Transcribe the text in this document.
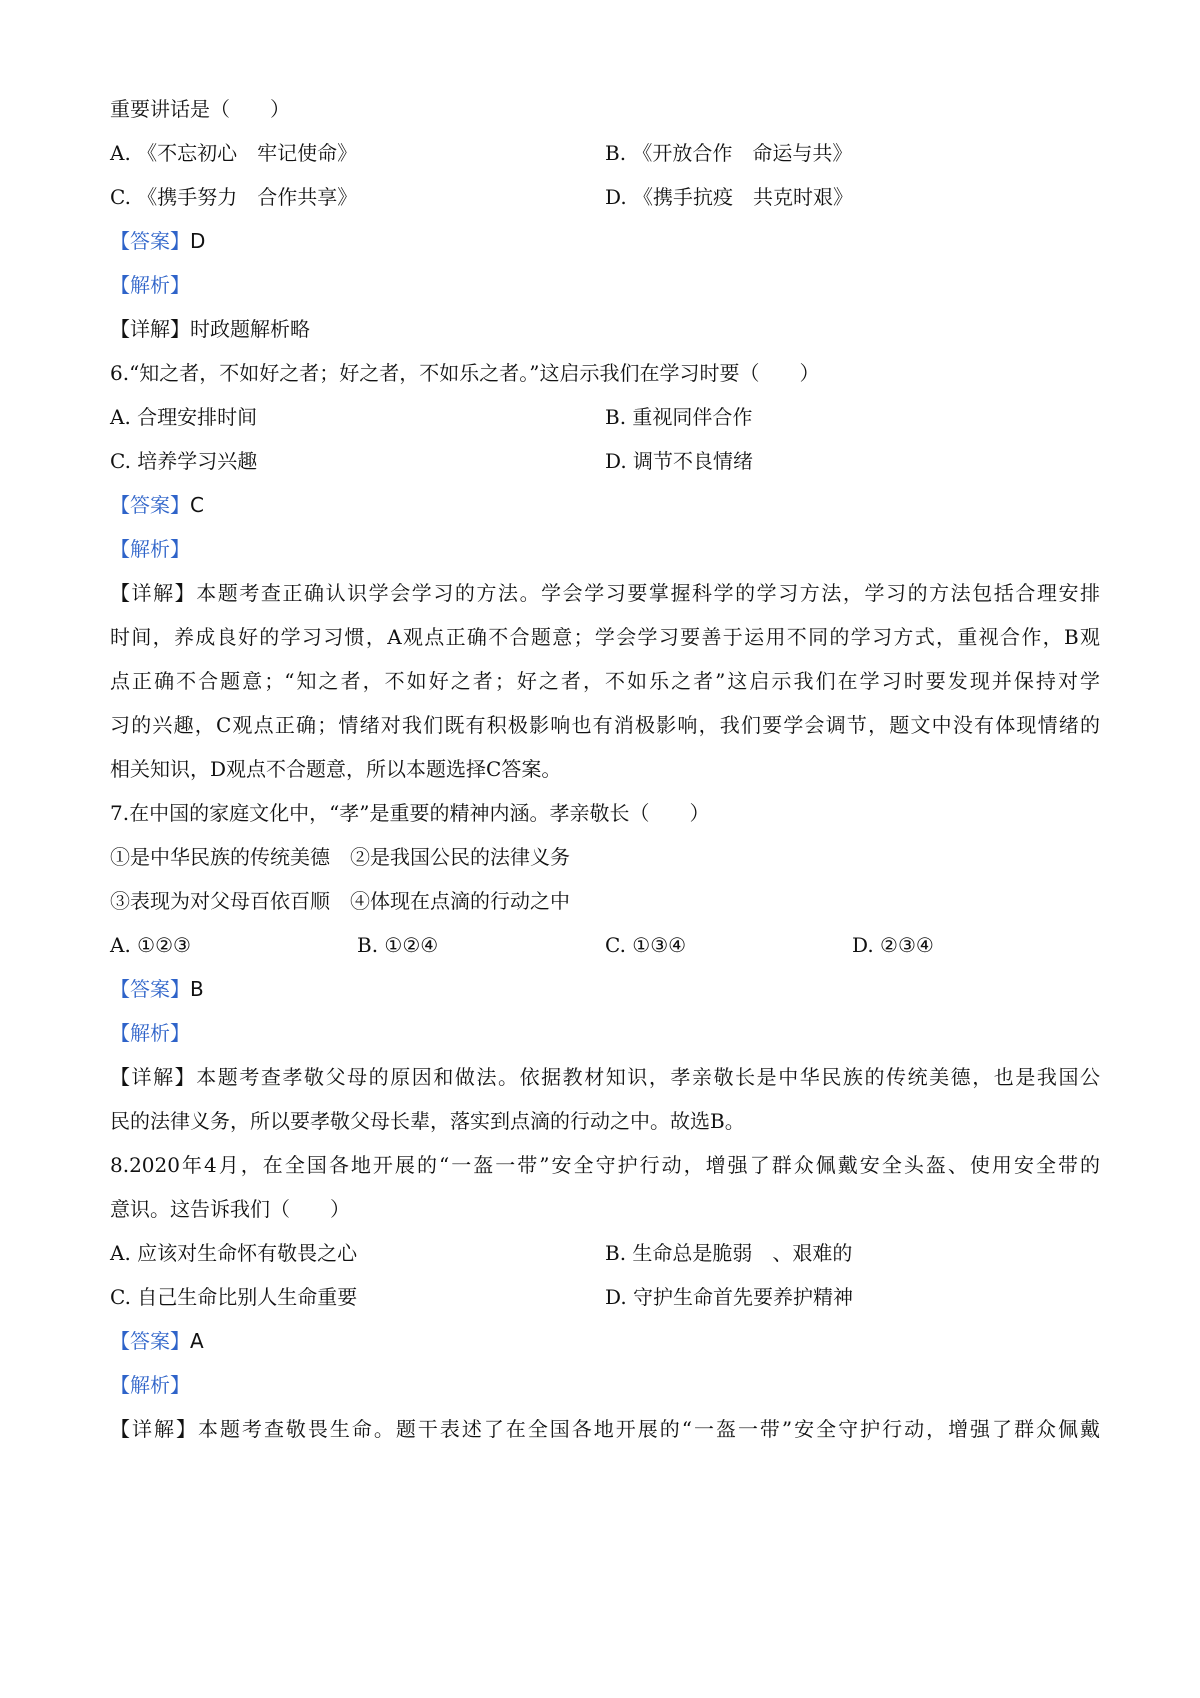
重要讲话是（　　）
A. 《不忘初心　牢记使命》	B. 《开放合作　命运与共》
C. 《携手努力　合作共享》	D. 《携手抗疫　共克时艰》
【答案】D
【解析】
【详解】时政题解析略
6.“知之者，不如好之者；好之者，不如乐之者。”这启示我们在学习时要（　　）
A. 合理安排时间	B. 重视同伴合作
C. 培养学习兴趣	D. 调节不良情绪
【答案】C
【解析】
【详解】本题考查正确认识学会学习的方法。学会学习要掌握科学的学习方法，学习的方法包括合理安排
时间，养成良好的学习习惯，A观点正确不合题意；学会学习要善于运用不同的学习方式，重视合作，B观
点正确不合题意；“知之者，不如好之者；好之者，不如乐之者”这启示我们在学习时要发现并保持对学
习的兴趣，C观点正确；情绪对我们既有积极影响也有消极影响，我们要学会调节，题文中没有体现情绪的
相关知识，D观点不合题意，所以本题选择C答案。
7.在中国的家庭文化中，“孝”是重要的精神内涵。孝亲敬长（　　）
①是中华民族的传统美德　②是我国公民的法律义务
③表现为对父母百依百顺　④体现在点滴的行动之中
A. ①②③	B. ①②④	C. ①③④	D. ②③④
【答案】B
【解析】
【详解】本题考查孝敬父母的原因和做法。依据教材知识，孝亲敬长是中华民族的传统美德，也是我国公
民的法律义务，所以要孝敬父母长辈，落实到点滴的行动之中。故选B。
8.2020年4月，在全国各地开展的“一盔一带”安全守护行动，增强了群众佩戴安全头盔、使用安全带的
意识。这告诉我们（　　）
A. 应该对生命怀有敬畏之心	B. 生命总是脆弱　、艰难的
C. 自己生命比别人生命重要	D. 守护生命首先要养护精神
【答案】A
【解析】
【详解】本题考查敬畏生命。题干表述了在全国各地开展的“一盔一带”安全守护行动，增强了群众佩戴
